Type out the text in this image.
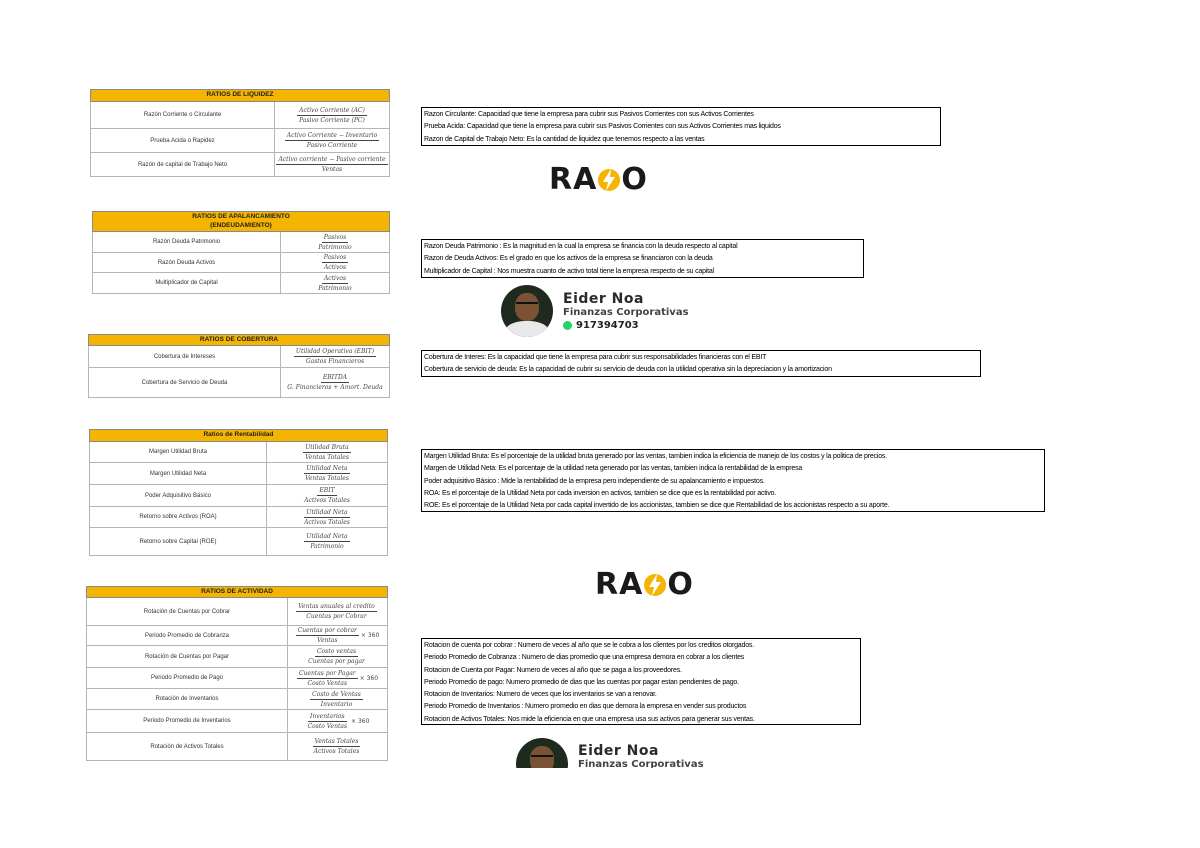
RATIOS DE LIQUIDEZ
Razón Corriente o Circulante	$\frac{\text{Activo Corriente (AC)}}{\text{Pasivo Corriente (PC)}}$
Prueba Acida o Rapidez	$\frac{\text{Activo Corriente − Inventario}}{\text{Pasivo Corriente}}$
Razón de capital de Trabajo Neto	$\frac{\text{Activo corriente − Pasivo corriente}}{\text{Ventas}}$
RATIOS DE APALANCAMIENTO
(ENDEUDAMIENTO)
Razón Deuda Patrimonio	$\frac{\text{Pasivos}}{\text{Patrimonio}}$
Razón Deuda Activos	$\frac{\text{Pasivos}}{\text{Activos}}$
Multiplicador de Capital	$\frac{\text{Activos}}{\text{Patrimonio}}$
RATIOS DE COBERTURA
Cobertura de Intereses	$\frac{\text{Utilidad Operativa (EBIT)}}{\text{Gastos Financieros}}$
Cobertura de Servicio de Deuda	$\frac{\text{EBITDA}}{\text{G. Financieros + Amort. Deuda}}$
Ratios de Rentabilidad
Margen Utilidad Bruta	$\frac{\text{Utilidad Bruta}}{\text{Ventas Totales}}$
Margen Utilidad Neta	$\frac{\text{Utilidad Neta}}{\text{Ventas Totales}}$
Poder Adquisitivo Básico	$\frac{\text{EBIT}}{\text{Activos Totales}}$
Retorno sobre Activos (ROA)	$\frac{\text{Utilidad Neta}}{\text{Activos Totales}}$
Retorno sobre Capital (ROE)	$\frac{\text{Utilidad Neta}}{\text{Patrimonio}}$
RATIOS DE ACTIVIDAD
Rotación de Cuentas por Cobrar	$\frac{\text{Ventas anuales al credito}}{\text{Cuentas por Cobrar}}$
Periodo Promedio de Cobranza	$\frac{\text{Cuentas por cobrar}}{\text{Ventas}} \times 360$
Rotación de Cuentas por Pagar	$\frac{\text{Costo ventas}}{\text{Cuentas por pagar}}$
Periodo Promedio de Pago	$\frac{\text{Cuentas por Pagar}}{\text{Costo Ventas}} \times 360$
Rotación de Inventarios	$\frac{\text{Costo de Ventas}}{\text{Inventario}}$
Periodo Promedio de Inventarios	$\frac{\text{Inventarios}}{\text{Costo Ventas}} \times 360$
Rotación de Activos Totales	$\frac{\text{Ventas Totales}}{\text{Activos Totales}}$
Razon Circulante: Capacidad que tiene la empresa para cubrir sus Pasivos Corrientes con sus Activos Corrientes
Prueba Acida: Capacidad que tiene la empresa para cubrir sus Pasivos Corrientes con sus Activos Corrientes mas liquidos
Razon de Capital de Trabajo Neto: Es la cantidad de liquidez que tenemos respecto a las ventas
Razon Deuda Patrimonio : Es la magnitud en la cual la empresa se financia con la deuda respecto al capital
Razon de Deuda Activos: Es el grado en que los activos de la empresa se financiaron con la deuda
Multiplicador de Capital : Nos muestra cuanto de activo total tiene la empresa respecto de su capital
Cobertura de Interes: Es la capacidad que tiene la empresa para cubrir sus responsabilidades financieras con el EBIT
Cobertura de servicio de deuda: Es la capacidad de cubrir su servicio de deuda con la utilidad operativa sin la depreciacion y la amortizacion
Margen Utilidad Bruta: Es el porcentaje de la utilidad bruta generado por las ventas, tambien indica la eficiencia de manejo de los costos y la politica de precios.
Margen de Utilidad Neta: Es el porcentaje de la utilidad neta generado por las ventas, tambien indica la rentabilidad de la empresa
Poder adquisitivo Básico : Mide la rentabilidad de la empresa pero independiente de su apalancamiento e impuestos.
ROA: Es el porcentaje de la Utilidad Neta por cada inversion en activos, tambien se dice que es la rentabilidad por activo.
ROE: Es el porcentaje de la Utilidad Neta por cada capital invertido de los accionistas, tambien se dice que Rentabilidad de los accionistas respecto a su aporte.
Rotacion de cuenta por cobrar : Numero de veces al año que se le cobra a los clientes por los creditos otorgados.
Periodo Promedio de Cobranza : Numero de dias promedio que una empresa demora en cobrar a los clientes
Rotacion de Cuenta por Pagar: Numero de veces al año que se paga a los proveedores.
Periodo Promedio de pago: Numero promedio de dias que las cuentas por pagar estan pendientes de pago.
Rotacion de Inventarios: Numero de veces que los inventarios se van a renovar.
Periodo Promedio de Inventarios : Numero promedio en dias que demora la empresa en vender sus productos
Rotacion de Activos Totales: Nos mide la eficiencia en que una empresa usa sus activos para generar sus ventas.
RA O
RA O
Eider Noa
Finanzas Corporativas
917394703
Eider Noa
Finanzas Corporativas
